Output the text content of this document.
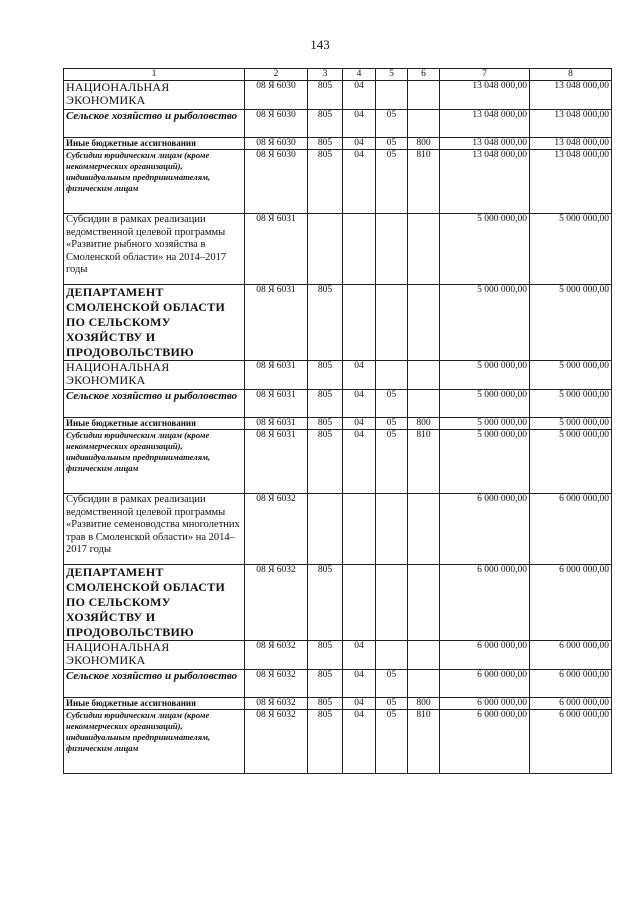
143
1	2	3	4	5	6	7	8
НАЦИОНАЛЬНАЯ ЭКОНОМИКА	08 Я 6030	805	04			13 048 000,00	13 048 000,00
Сельское хозяйство и рыболовство	08 Я 6030	805	04	05		13 048 000,00	13 048 000,00
Иные бюджетные ассигнования	08 Я 6030	805	04	05	800	13 048 000,00	13 048 000,00
Субсидии юридическим лицам (кроме некоммерческих организаций), индивидуальным предпринимателям, физическим лицам	08 Я 6030	805	04	05	810	13 048 000,00	13 048 000,00
Субсидии в рамках реализации ведомственной целевой программы «Развитие рыбного хозяйства в Смоленской области» на 2014–2017 годы	08 Я 6031					5 000 000,00	5 000 000,00
ДЕПАРТАМЕНТ СМОЛЕНСКОЙ ОБЛАСТИ ПО СЕЛЬСКОМУ ХОЗЯЙСТВУ И ПРОДОВОЛЬСТВИЮ	08 Я 6031	805				5 000 000,00	5 000 000,00
НАЦИОНАЛЬНАЯ ЭКОНОМИКА	08 Я 6031	805	04			5 000 000,00	5 000 000,00
Сельское хозяйство и рыболовство	08 Я 6031	805	04	05		5 000 000,00	5 000 000,00
Иные бюджетные ассигнования	08 Я 6031	805	04	05	800	5 000 000,00	5 000 000,00
Субсидии юридическим лицам (кроме некоммерческих организаций), индивидуальным предпринимателям, физическим лицам	08 Я 6031	805	04	05	810	5 000 000,00	5 000 000,00
Субсидии в рамках реализации ведомственной целевой программы «Развитие семеноводства многолетних трав в Смоленской области» на 2014–2017 годы	08 Я 6032					6 000 000,00	6 000 000,00
ДЕПАРТАМЕНТ СМОЛЕНСКОЙ ОБЛАСТИ ПО СЕЛЬСКОМУ ХОЗЯЙСТВУ И ПРОДОВОЛЬСТВИЮ	08 Я 6032	805				6 000 000,00	6 000 000,00
НАЦИОНАЛЬНАЯ ЭКОНОМИКА	08 Я 6032	805	04			6 000 000,00	6 000 000,00
Сельское хозяйство и рыболовство	08 Я 6032	805	04	05		6 000 000,00	6 000 000,00
Иные бюджетные ассигнования	08 Я 6032	805	04	05	800	6 000 000,00	6 000 000,00
Субсидии юридическим лицам (кроме некоммерческих организаций), индивидуальным предпринимателям, физическим лицам	08 Я 6032	805	04	05	810	6 000 000,00	6 000 000,00
